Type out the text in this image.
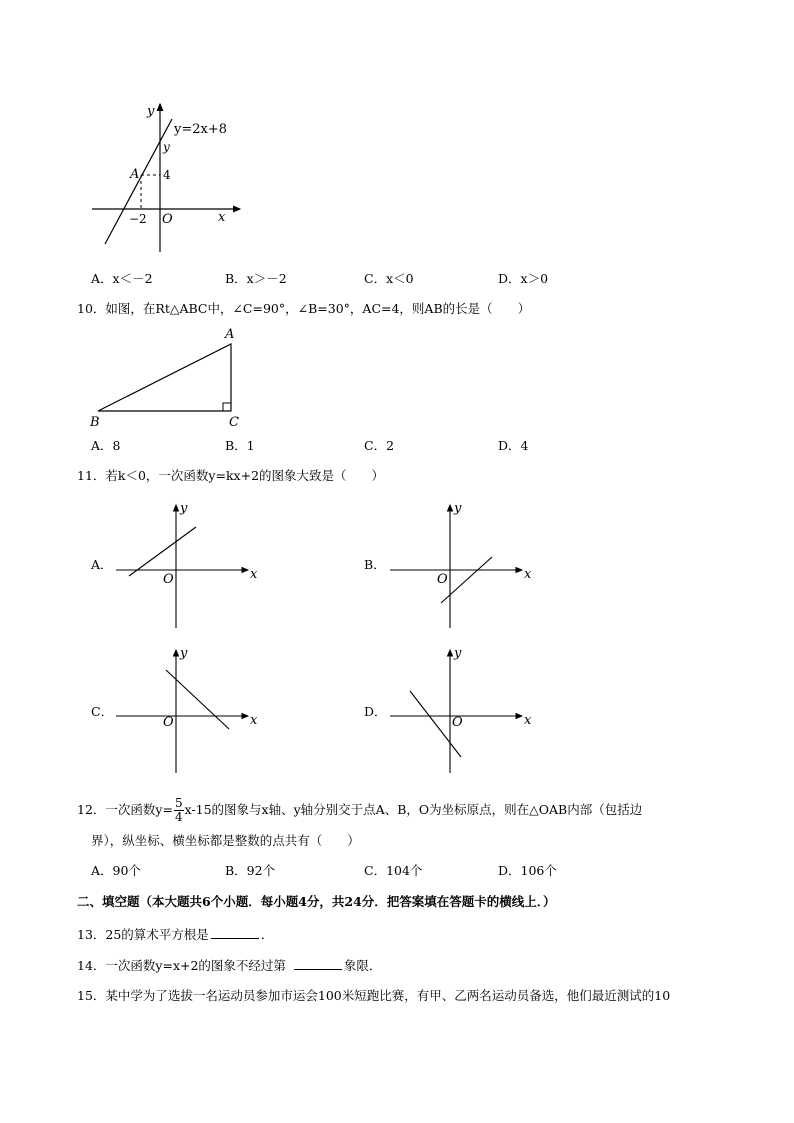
y
y=2x+8
y
A 4
−2 O	x
A．x＜－2	B．x＞－2	C．x＜0	D．x＞0
10．如图，在Rt△ABC中，∠C=90°，∠B=30°，AC=4，则AB的长是（　　）
A
B	C
A．8	B．1	C．2	D．4
11．若k＜0，一次函数y=kx+2的图象大致是（　　）
A．	B．
C．	D．
y
O	x
y
O	x
y
O	x
y
O	x
12．一次函数$y= \frac{5}{4} x-15$的图象与x轴、y轴分别交于点A、B，O为坐标原点，则在△OAB内部（包括边
界），纵坐标、横坐标都是整数的点共有（　　）
A．90个	B．92个	C．104个	D．106个
二、填空题（本大题共6个小题．每小题4分，共24分．把答案填在答题卡的横线上．）
13．25的算术平方根是	．
14．一次函数y=x+2的图象不经过第	象限．
15．某中学为了选拔一名运动员参加市运会100米短跑比赛，有甲、乙两名运动员备选，他们最近测试的10
